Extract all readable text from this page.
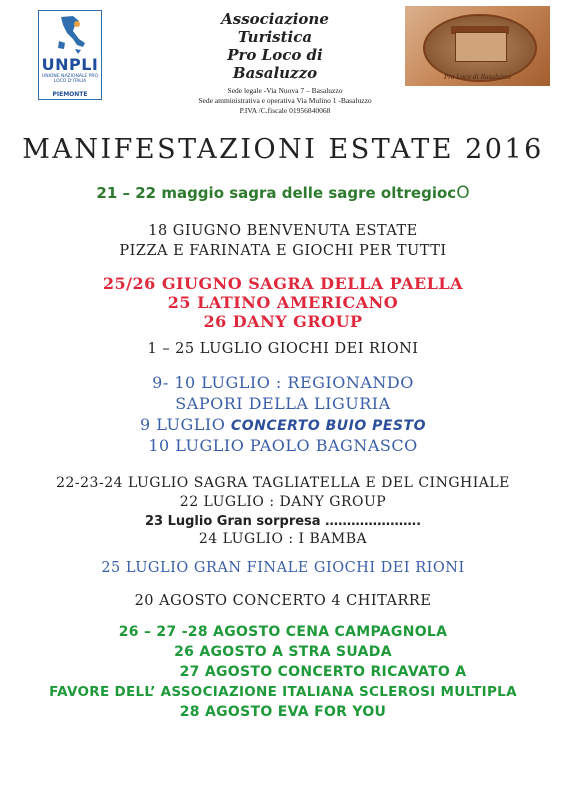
UNPLI
UNIONE NAZIONALE PRO LOCO D'ITALIA
PIEMONTE
Associazione
Turistica
Pro Loco di
Basaluzzo
Sede legale -Via Nuova 7 – Basaluzzo
Sede amministrativa e operativa Via Mulino 1 -Basaluzzo
P.IVA /C.fiscale 01956840068
Pro Loco di Basaluzzo
MANIFESTAZIONI ESTATE 2016
21 – 22 maggio sagra delle sagre oltregiocO
18 GIUGNO BENVENUTA ESTATE
PIZZA E FARINATA E GIOCHI PER TUTTI
25/26 GIUGNO SAGRA DELLA PAELLA
25 LATINO AMERICANO
26 DANY GROUP
1 – 25 LUGLIO GIOCHI DEI RIONI
9- 10 LUGLIO : REGIONANDO
SAPORI DELLA LIGURIA
9 LUGLIO CONCERTO BUIO PESTO
10 LUGLIO PAOLO BAGNASCO
22-23-24 LUGLIO SAGRA TAGLIATELLA E DEL CINGHIALE
22 LUGLIO : DANY GROUP
23 Luglio Gran sorpresa ………………….
24 LUGLIO : I BAMBA
25 LUGLIO GRAN FINALE GIOCHI DEI RIONI
20 AGOSTO CONCERTO 4 CHITARRE
26 – 27 -28 AGOSTO CENA CAMPAGNOLA
26 AGOSTO A STRA SUADA
27 AGOSTO CONCERTO RICAVATO A
FAVORE DELL’ ASSOCIAZIONE ITALIANA SCLEROSI MULTIPLA
28 AGOSTO EVA FOR YOU
